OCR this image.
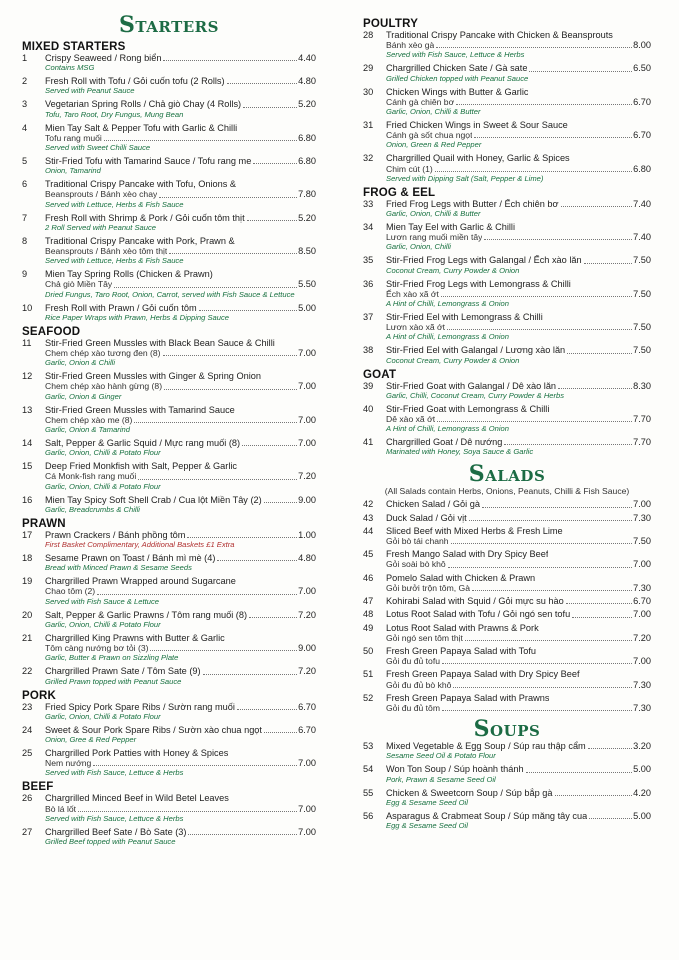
Starters
MIXED STARTERS
1	Crispy Seaweed / Rong biển	4.40
Contains MSG
2	Fresh Roll with Tofu / Gỏi cuốn tofu (2 Rolls)	4.80
Served with Peanut Sauce
3	Vegetarian Spring Rolls / Chả giò Chay (4 Rolls)	5.20
Tofu, Taro Root, Dry Fungus, Mung Bean
4	Mien Tay Salt & Pepper Tofu with Garlic & Chilli
Tofu rang muối	6.80
Served with Sweet Chilli Sauce
5	Stir-Fried Tofu with Tamarind Sauce / Tofu rang me	6.80
Onion, Tamarind
6	Traditional Crispy Pancake with Tofu, Onions &
Beansprouts / Bánh xèo chay	7.80
Served with Lettuce, Herbs & Fish Sauce
7	Fresh Roll with Shrimp & Pork / Gỏi cuốn tôm thịt	5.20
2 Roll Served with Peanut Sauce
8	Traditional Crispy Pancake with Pork, Prawn &
Beansprouts / Bánh xèo tôm thịt	8.50
Served with Lettuce, Herbs & Fish Sauce
9	Mien Tay Spring Rolls (Chicken & Prawn)
Chả giò Miền Tây	5.50
Dried Fungus, Taro Root, Onion, Carrot, served with Fish Sauce & Lettuce
10	Fresh Roll with Prawn / Gỏi cuốn tôm	5.00
Rice Paper Wraps with Prawn, Herbs & Dipping Sauce
SEAFOOD
11	Stir-Fried Green Mussles with Black Bean Sauce & Chilli
Chem chép xào tương đen (8)	7.00
Garlic, Onion & Chilli
12	Stir-Fried Green Mussles with Ginger & Spring Onion
Chem chép xào hành gừng (8)	7.00
Garlic, Onion & Ginger
13	Stir-Fried Green Mussles with Tamarind Sauce
Chem chép xào me (8)	7.00
Garlic, Onion & Tamarind
14	Salt, Pepper & Garlic Squid / Mực rang muối (8)	7.00
Garlic, Onion, Chilli & Potato Flour
15	Deep Fried Monkfish with Salt, Pepper & Garlic
Cá Monk-fish rang muối	7.20
Garlic, Onion, Chilli & Potato Flour
16	Mien Tay Spicy Soft Shell Crab / Cua lột Miền Tây (2)	9.00
Garlic, Breadcrumbs & Chilli
PRAWN
17	Prawn Crackers / Bánh phồng tôm	1.00
First Basket Complimentary, Additional Baskets £1 Extra
18	Sesame Prawn on Toast / Bánh mì mè (4)	4.80
Bread with Minced Prawn & Sesame Seeds
19	Chargrilled Prawn Wrapped around Sugarcane
Chao tôm (2)	7.00
Served with Fish Sauce & Lettuce
20	Salt, Pepper & Garlic Prawns / Tôm rang muối (8)	7.20
Garlic, Onion, Chilli & Potato Flour
21	Chargrilled King Prawns with Butter & Garlic
Tôm càng nướng bơ tỏi (3)	9.00
Garlic, Butter & Prawn on Sizzling Plate
22	Chargrilled Prawn Sate / Tôm Sate (9)	7.20
Grilled Prawn topped with Peanut Sauce
PORK
23	Fried Spicy Pork Spare Ribs / Sườn rang muối	6.70
Garlic, Onion, Chilli & Potato Flour
24	Sweet & Sour Pork Spare Ribs / Sườn xào chua ngọt	6.70
Onion, Gree & Red Pepper
25	Chargrilled Pork Patties with Honey & Spices
Nem nướng	7.00
Served with Fish Sauce, Lettuce & Herbs
BEEF
26	Chargrilled Minced Beef in Wild Betel Leaves
Bò lá lốt	7.00
Served with Fish Sauce, Lettuce & Herbs
27	Chargrilled Beef Sate / Bò Sate (3)	7.00
Grilled Beef topped with Peanut Sauce
POULTRY
28	Traditional Crispy Pancake with Chicken & Beansprouts
Bánh xèo gà	8.00
Served with Fish Sauce, Lettuce & Herbs
29	Chargrilled Chicken Sate / Gà sate	6.50
Grilled Chicken topped with Peanut Sauce
30	Chicken Wings with Butter & Garlic
Cánh gà chiên bơ	6.70
Garlic, Onion, Chilli & Butter
31	Fried Chicken Wings in Sweet & Sour Sauce
Cánh gà sốt chua ngọt	6.70
Onion, Green & Red Pepper
32	Chargrilled Quail with Honey, Garlic & Spices
Chim cút (1)	6.80
Served with Dipping Salt (Salt, Pepper & Lime)
FROG & EEL
33	Fried Frog Legs with Butter / Ếch chiên bơ	7.40
Garlic, Onion, Chilli & Butter
34	Mien Tay Eel with Garlic & Chilli
Lươn rang muối miền tây	7.40
Garlic, Onion, Chilli
35	Stir-Fried Frog Legs with Galangal / Ếch xào lăn	7.50
Coconut Cream, Curry Powder & Onion
36	Stir-Fried Frog Legs with Lemongrass & Chilli
Ếch xào xã ớt	7.50
A Hint of Chilli, Lemongrass & Onion
37	Stir-Fried Eel with Lemongrass & Chilli
Lươn xào xã ớt	7.50
A Hint of Chilli, Lemongrass & Onion
38	Stir-Fried Eel with Galangal / Lương xào lăn	7.50
Coconut Cream, Curry Powder & Onion
GOAT
39	Stir-Fried Goat with Galangal / Dê xào lăn	8.30
Garlic, Chilli, Coconut Cream, Curry Powder & Herbs
40	Stir-Fried Goat with Lemongrass & Chilli
Dê xào xã ớt	7.70
A Hint of Chilli, Lemongrass & Onion
41	Chargrilled Goat / Dê nướng	7.70
Marinated with Honey, Soya Sauce & Garlic
Salads
(All Salads contain Herbs, Onions, Peanuts, Chilli & Fish Sauce)
42	Chicken Salad / Gỏi gà	7.00
43	Duck Salad / Gỏi vịt	7.30
44	Sliced Beef with Mixed Herbs & Fresh Lime
Gỏi bò tái chanh	7.50
45	Fresh Mango Salad with Dry Spicy Beef
Gỏi soài bò khô	7.00
46	Pomelo Salad with Chicken & Prawn
Gỏi bưởi trộn tôm, Gà	7.30
47	Kohirabi Salad with Squid / Gỏi mực su hào	6.70
48	Lotus Root Salad with Tofu / Gỏi ngó sen tofu	7.00
49	Lotus Root Salad with Prawns & Pork
Gỏi ngó sen tôm thịt	7.20
50	Fresh Green Papaya Salad with Tofu
Gỏi đu đủ tofu	7.00
51	Fresh Green Papaya Salad with Dry Spicy Beef
Gỏi đu đủ bò khô	7.30
52	Fresh Green Papaya Salad with Prawns
Gỏi đu đủ tôm	7.30
Soups
53	Mixed Vegetable & Egg Soup / Súp rau thập cẩm	3.20
Sesame Seed Oil & Potato Flour
54	Won Ton Soup / Súp hoành thánh	5.00
Pork, Prawn & Sesame Seed Oil
55	Chicken & Sweetcorn Soup / Súp bắp gà	4.20
Egg & Sesame Seed Oil
56	Asparagus & Crabmeat Soup / Súp măng tây cua	5.00
Egg & Sesame Seed Oil
